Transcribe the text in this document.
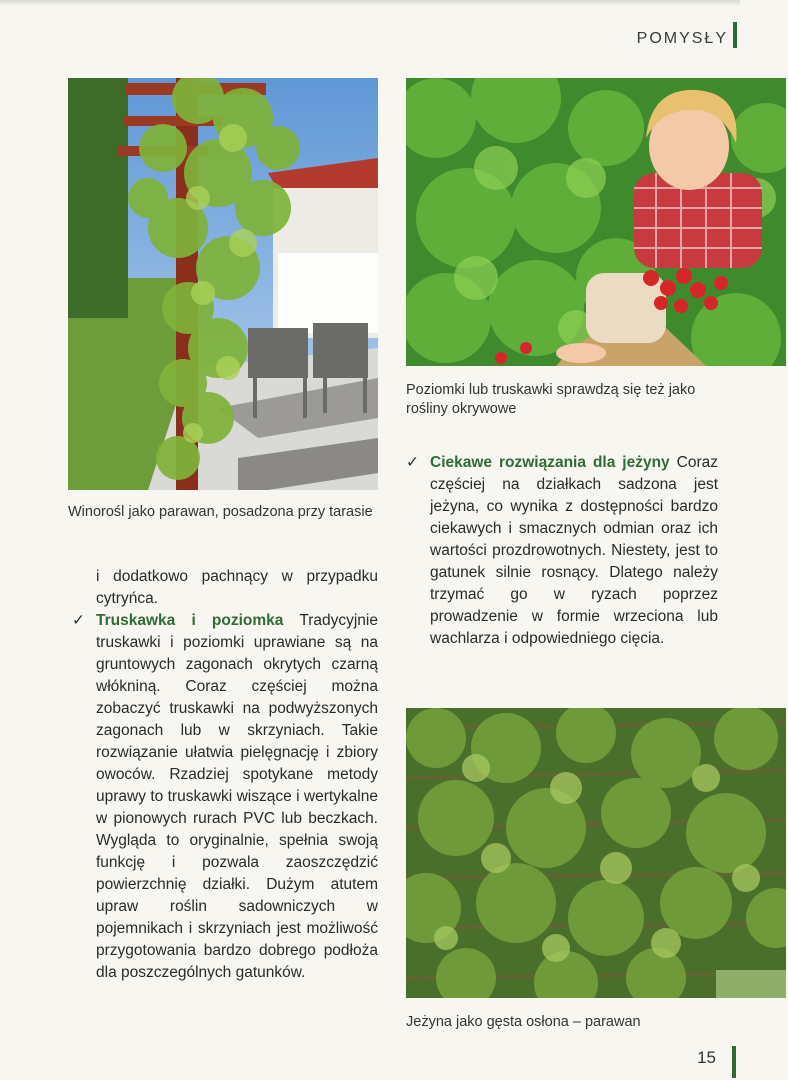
POMYSŁY
Winorośl jako parawan, posadzona przy tarasie
Poziomki lub truskawki sprawdzą się też jako rośliny okrywowe

i dodatkowo pachnący w przypadku cytryńca.

✓ Truskawka i poziomka Tradycyjnie truskawki i poziomki uprawiane są na gruntowych zagonach okrytych czarną włókniną. Coraz częściej można zobaczyć truskawki na podwyższonych zagonach lub w skrzyniach. Takie rozwiązanie ułatwia pielęgnację i zbiory owoców. Rzadziej spotykane metody uprawy to truskawki wiszące i wertykalne w pionowych rurach PVC lub beczkach. Wygląda to oryginalnie, spełnia swoją funkcję i pozwala zaoszczędzić powierzchnię działki. Dużym atutem upraw roślin sadowniczych w pojemnikach i skrzyniach jest możliwość przygotowania bardzo dobrego podłoża dla poszczególnych gatunków.
✓ Ciekawe rozwiązania dla jeżyny Coraz częściej na działkach sadzona jest jeżyna, co wynika z dostępności bardzo ciekawych i smacznych odmian oraz ich wartości prozdrowotnych. Niestety, jest to gatunek silnie rosnący. Dlatego należy trzymać go w ryzach poprzez prowadzenie w formie wrzeciona lub wachlarza i odpowiedniego cięcia.
Jeżyna jako gęsta osłona – parawan
15
